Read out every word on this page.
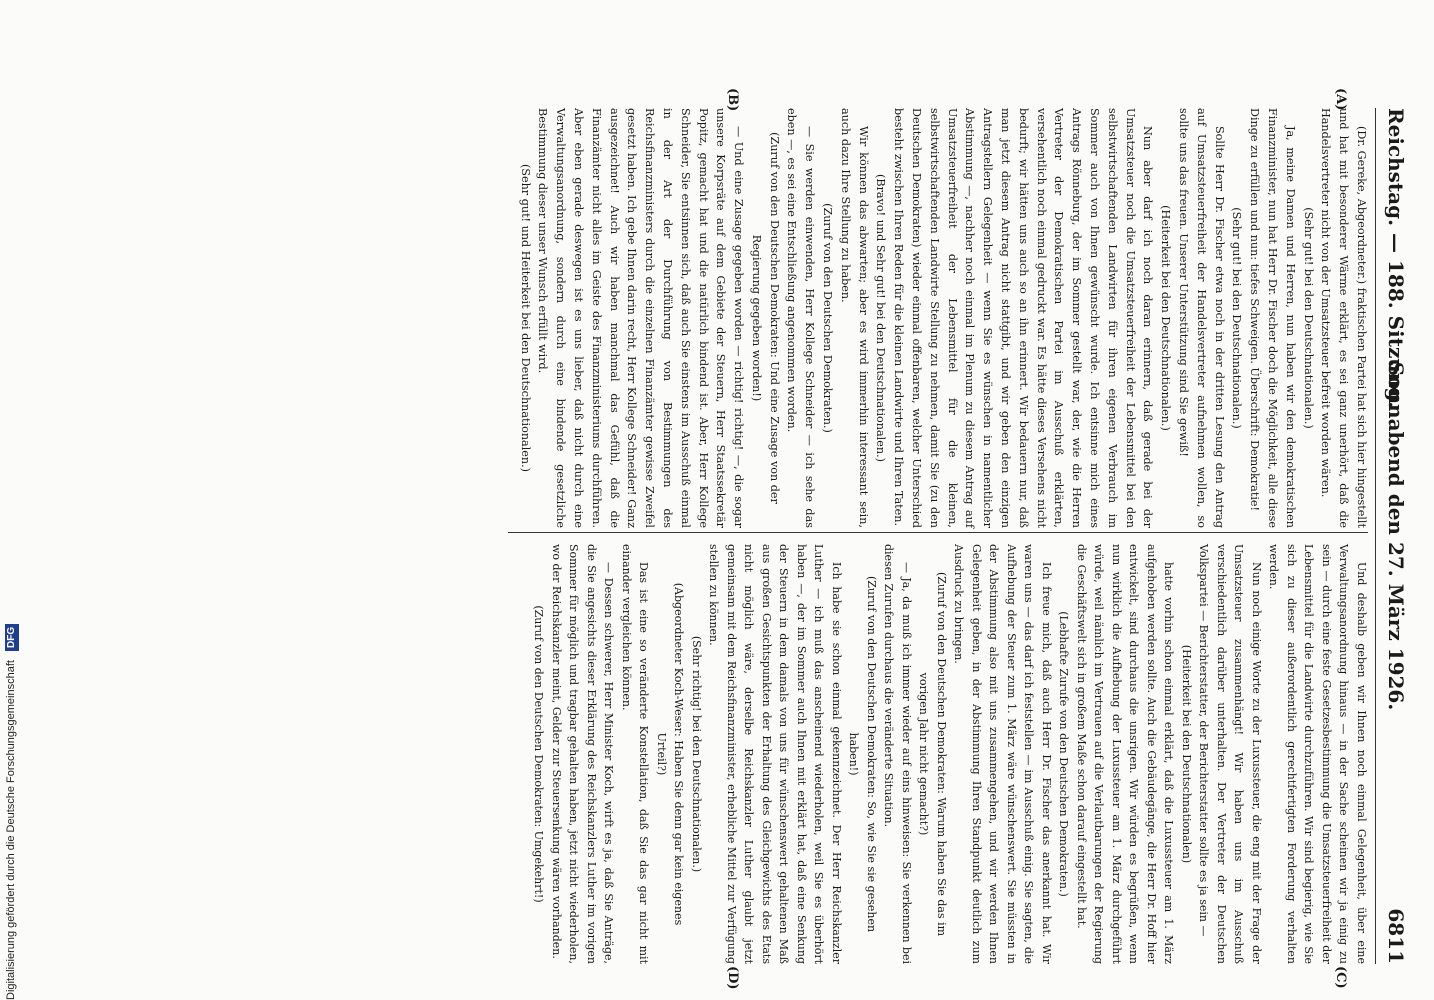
Reichstag. — 188. Sitzung.
Sonnabend den 27. März 1926.
6811
(A)
(B)
(C)
(D)

(Dr. Gereke, Abgeordneter.) fraktischen Partei hat sich hier hingestellt und hat mit besonderer Wärme erklärt, es sei ganz unerhört, daß die Handelsvertreter nicht von der Umsatzsteuer befreit worden wären.

(Sehr gut! bei den Deutschnationalen.)

Ja, meine Damen und Herren, nun haben wir den demokratischen Finanzminister, nun hat Herr Dr. Fischer doch die Möglichkeit, alle diese Dinge zu erfüllen und nun: tiefes Schweigen. Überschrift: Demokratie!

(Sehr gut! bei den Deutschnationalen.)

Sollte Herr Dr. Fischer etwa noch in der dritten Lesung den Antrag auf Umsatzsteuerfreiheit der Handelsvertreter aufnehmen wollen, so sollte uns das freuen. Unserer Unterstützung sind Sie gewiß!

(Heiterkeit bei den Deutschnationalen.)

Nun aber darf ich noch daran erinnern, daß gerade bei der Umsatzsteuer noch die Umsatzsteuerfreiheit der Lebensmittel bei den selbstwirtschaftenden Landwirten für ihren eigenen Verbrauch im Sommer auch von Ihnen gewünscht wurde. Ich entsinne mich eines Antrags Rönneburg, der im Sommer gestellt war, der, wie die Herren Vertreter der Demokratischen Partei im Ausschuß erklärten, versehentlich noch einmal gedruckt war. Es hätte dieses Versehens nicht bedurft; wir hätten uns auch so an ihn erinnert. Wir bedauern nur, daß man jetzt diesem Antrag nicht stattgibt, und wir geben den einzigen Antragstellern Gelegenheit — wenn Sie es wünschen in namentlicher Abstimmung —, nachher noch einmal im Plenum zu diesem Antrag auf Umsatzsteuerfreiheit der Lebensmittel für die kleinen, selbstwirtschaftenden Landwirte Stellung zu nehmen, damit Sie (zu den Deutschen Demokraten) wieder einmal offenbaren, welcher Unterschied besteht zwischen Ihren Reden für die kleinen Landwirte und Ihren Taten.

(Bravo! und Sehr gut! bei den Deutschnationalen.)

Wir können das abwarten; aber es wird immerhin interessant sein, auch dazu Ihre Stellung zu haben.

(Zuruf von den Deutschen Demokraten.)

— Sie werden einwenden, Herr Kollege Schneider — ich sehe das eben —, es sei eine Entschließung angenommen worden.

(Zuruf von den Deutschen Demokraten: Und eine Zusage von der Regierung gegeben worden!)

— Und eine Zusage gegeben worden — richtig! richtig! —, die sogar unsere Korpsräte auf dem Gebiete der Steuern, Herr Staatssekretär Popitz, gemacht hat und die natürlich bindend ist. Aber, Herr Kollege Schneider, Sie entsinnen sich, daß auch Sie einstens im Ausschuß einmal in der Art der Durchführung von Bestimmungen des Reichsfinanzministers durch die einzelnen Finanzämter gewisse Zweifel gesetzt haben. Ich gebe Ihnen darin recht, Herr Kollege Schneider! Ganz ausgezeichnet! Auch wir haben manchmal das Gefühl, daß die Finanzämter nicht alles im Geiste des Finanzministeriums durchführen. Aber eben gerade deswegen ist es uns lieber, daß nicht durch eine Verwaltungsanordnung, sondern durch eine bindende gesetzliche Bestimmung dieser unser Wunsch erfüllt wird.

(Sehr gut! und Heiterkeit bei den Deutschnationalen.)

Und deshalb geben wir Ihnen noch einmal Gelegenheit, über eine Verwaltungsanordnung hinaus — in der Sache scheinen wir ja einig zu sein — durch eine feste Gesetzesbestimmung die Umsatzsteuerfreiheit der Lebensmittel für die Landwirte durchzuführen. Wir sind begierig, wie Sie sich zu dieser außerordentlich gerechtfertigten Forderung verhalten werden.

Nun noch einige Worte zu der Luxussteuer, die eng mit der Frage der Umsatzsteuer zusammenhängt! Wir haben uns im Ausschuß verschiedentlich darüber unterhalten. Der Vertreter der Deutschen Volkspartei — Berichterstatter, der Berichterstatter sollte es ja sein —

(Heiterkeit bei den Deutschnationalen)

hatte vorhin schon einmal erklärt, daß die Luxussteuer am 1. März aufgehoben werden sollte. Auch die Gebäudegänge, die Herr Dr. Hoff hier entwickelt, sind durchaus die unsrigen. Wir würden es begrüßen, wenn nun wirklich die Aufhebung der Luxussteuer am 1. März durchgeführt würde, weil nämlich im Vertrauen auf die Verlautbarungen der Regierung die Geschäftswelt sich in großem Maße schon darauf eingestellt hat.

(Lebhafte Zurufe von den Deutschen Demokraten.)

Ich freue mich, daß auch Herr Dr. Fischer das anerkannt hat. Wir waren uns — das darf ich feststellen — im Ausschuß einig. Sie sagten, die Aufhebung der Steuer zum 1. März wäre wünschenswert. Sie müssten in der Abstimmung also mit uns zusammengehen, und wir werden Ihnen Gelegenheit geben, in der Abstimmung Ihren Standpunkt deutlich zum Ausdruck zu bringen.

(Zuruf von den Deutschen Demokraten: Warum haben Sie das im vorigen Jahr nicht gemacht?)

— Ja, da muß ich immer wieder auf eins hinweisen: Sie verkennen bei diesen Zurufen durchaus die veränderte Situation.

(Zuruf von den Deutschen Demokraten: So, wie Sie sie gesehen haben!)

Ich habe sie schon einmal gekennzeichnet. Der Herr Reichskanzler Luther — ich muß das anscheinend wiederholen, weil Sie es überhört haben —, der im Sommer auch Ihnen mit erklärt hat, daß eine Senkung der Steuern in dem damals von uns für wünschenswert gehaltenen Maß aus großen Gesichtspunkten der Erhaltung des Gleichgewichts des Etats nicht möglich wäre, derselbe Reichskanzler Luther glaubt jetzt gemeinsam mit dem Reichsfinanzminister, erhebliche Mittel zur Verfügung stellen zu können.

(Sehr richtig! bei den Deutschnationalen.)

(Abgeordneter Koch-Weser: Haben Sie denn gar kein eigenes Urteil?)

Das ist eine so veränderte Konstellation, daß Sie das gar nicht mit einander vergleichen können.

— Dessen schwerer, Herr Minister Koch, wirft es ja, daß Sie Anträge, die Sie angesichts dieser Erklärung des Reichskanzlers Luther im vorigen Sommer für möglich und tragbar gehalten haben, jetzt nicht wiederholen, wo der Reichskanzler meint, Gelder zur Steuersenkung wären vorhanden.

(Zuruf von den Deutschen Demokraten: Umgekehrt!)

Digitalisierung gefördert durch die Deutsche Forschungsgemeinschaft DFG
